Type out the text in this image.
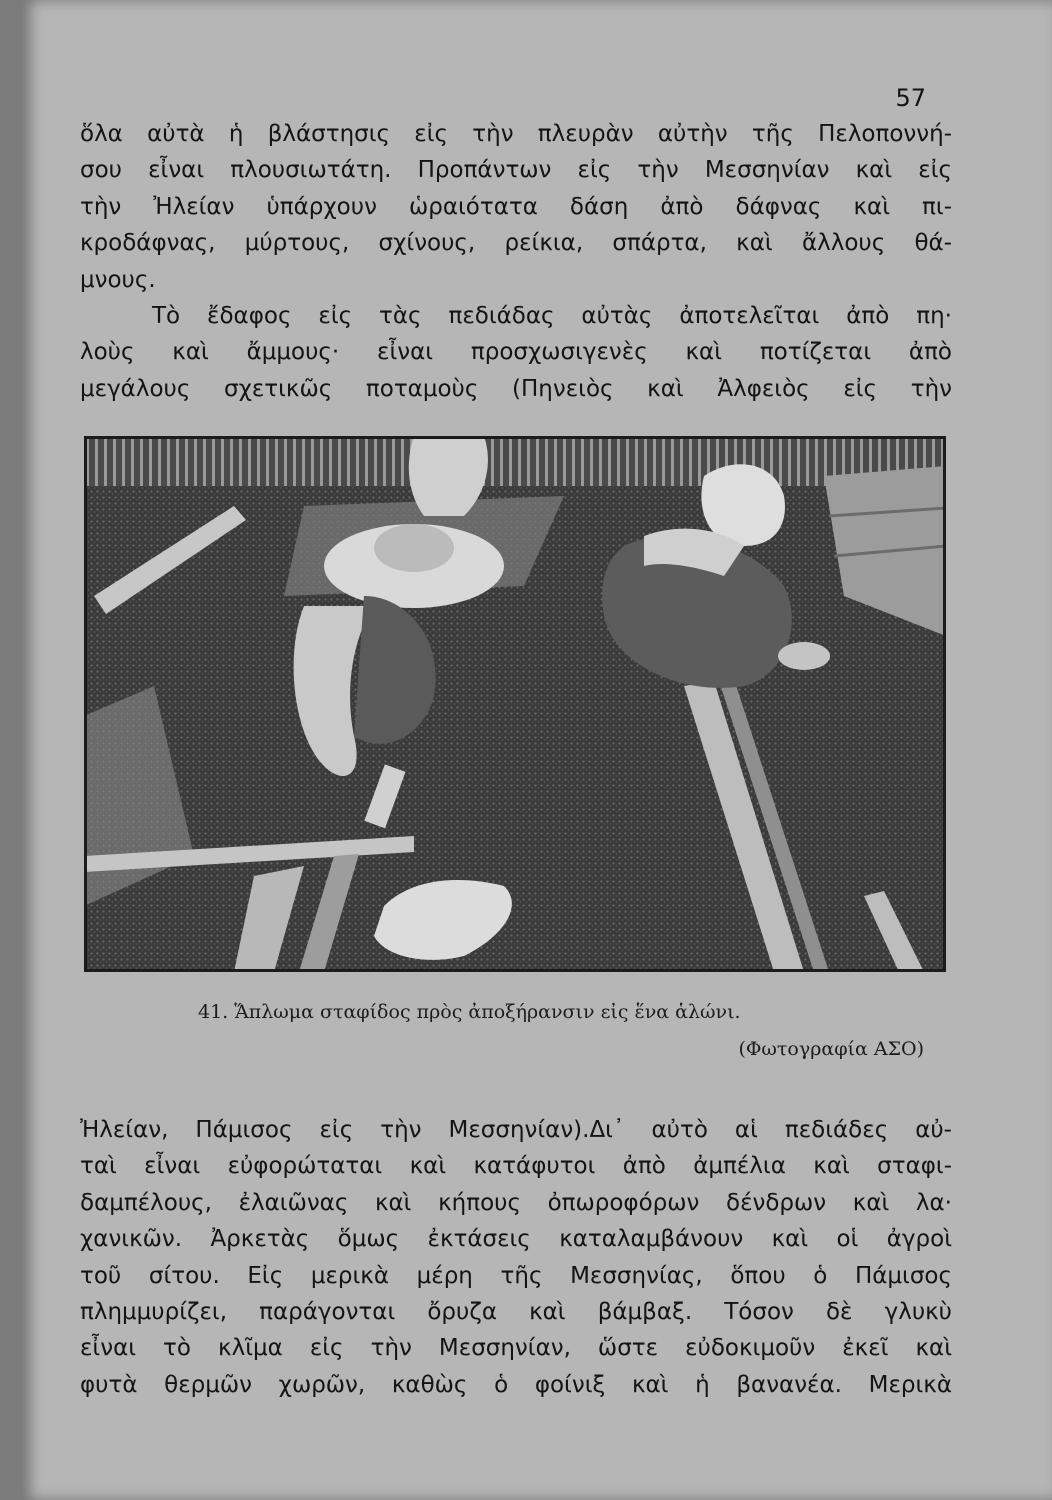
57
ὅλα αὐτὰ ἡ βλάστησις εἰς τὴν πλευρὰν αὐτὴν τῆς Πελοποννή-
σου εἶναι πλουσιωτάτη. Προπάντων εἰς τὴν Μεσσηνίαν καὶ εἰς
τὴν Ἠλείαν ὑπάρχουν ὡραιότατα δάση ἀπὸ δάφνας καὶ πι-
κροδάφνας, μύρτους, σχίνους, ρείκια, σπάρτα, καὶ ἄλλους θά-
μνους.
Τὸ ἔδαφος εἰς τὰς πεδιάδας αὐτὰς ἀποτελεῖται ἀπὸ πη·
λοὺς καὶ ἄμμους· εἶναι προσχωσιγενὲς καὶ ποτίζεται ἀπὸ
μεγάλους σχετικῶς ποταμοὺς (Πηνειὸς καὶ Ἀλφειὸς εἰς τὴν
41. Ἅπλωμα σταφίδος πρὸς ἀποξήρανσιν εἰς ἕνα ἁλώνι.
(Φωτογραφία ΑΣΟ)
Ἠλείαν, Πάμισος εἰς τὴν Μεσσηνίαν).Δι᾿ αὐτὸ αἱ πεδιάδες αὐ-
ταὶ εἶναι εὐφορώταται καὶ κατάφυτοι ἀπὸ ἀμπέλια καὶ σταφι-
δαμπέλους, ἐλαιῶνας καὶ κήπους ὀπωροφόρων δένδρων καὶ λα·
χανικῶν. Ἀρκετὰς ὅμως ἐκτάσεις καταλαμβάνουν καὶ οἱ ἀγροὶ
τοῦ σίτου. Εἰς μερικὰ μέρη τῆς Μεσσηνίας, ὅπου ὁ Πάμισος
πλημμυρίζει, παράγονται ὄρυζα καὶ βάμβαξ. Τόσον δὲ γλυκὺ
εἶναι τὸ κλῖμα εἰς τὴν Μεσσηνίαν, ὥστε εὐδοκιμοῦν ἐκεῖ καὶ
φυτὰ θερμῶν χωρῶν, καθὼς ὁ φοίνιξ καὶ ἡ βανανέα. Μερικὰ
